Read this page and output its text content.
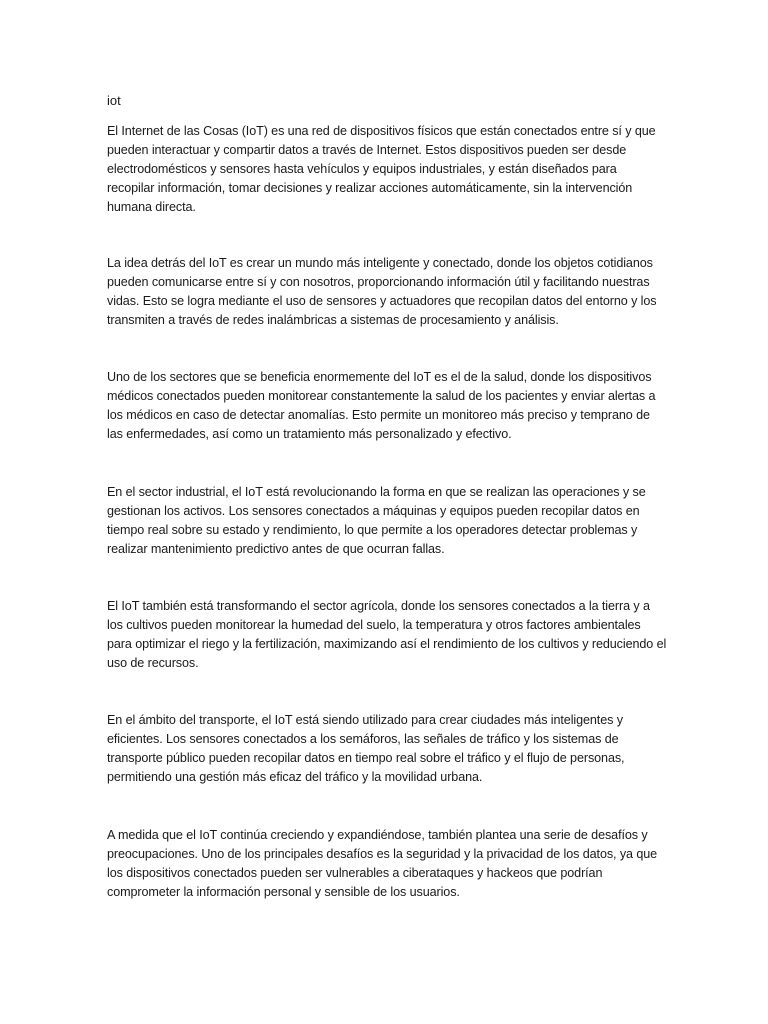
iot

El Internet de las Cosas (IoT) es una red de dispositivos físicos que están conectados entre sí y que pueden interactuar y compartir datos a través de Internet. Estos dispositivos pueden ser desde electrodomésticos y sensores hasta vehículos y equipos industriales, y están diseñados para recopilar información, tomar decisiones y realizar acciones automáticamente, sin la intervención humana directa.

La idea detrás del IoT es crear un mundo más inteligente y conectado, donde los objetos cotidianos pueden comunicarse entre sí y con nosotros, proporcionando información útil y facilitando nuestras vidas. Esto se logra mediante el uso de sensores y actuadores que recopilan datos del entorno y los transmiten a través de redes inalámbricas a sistemas de procesamiento y análisis.

Uno de los sectores que se beneficia enormemente del IoT es el de la salud, donde los dispositivos médicos conectados pueden monitorear constantemente la salud de los pacientes y enviar alertas a los médicos en caso de detectar anomalías. Esto permite un monitoreo más preciso y temprano de las enfermedades, así como un tratamiento más personalizado y efectivo.

En el sector industrial, el IoT está revolucionando la forma en que se realizan las operaciones y se gestionan los activos. Los sensores conectados a máquinas y equipos pueden recopilar datos en tiempo real sobre su estado y rendimiento, lo que permite a los operadores detectar problemas y realizar mantenimiento predictivo antes de que ocurran fallas.

El IoT también está transformando el sector agrícola, donde los sensores conectados a la tierra y a los cultivos pueden monitorear la humedad del suelo, la temperatura y otros factores ambientales para optimizar el riego y la fertilización, maximizando así el rendimiento de los cultivos y reduciendo el uso de recursos.

En el ámbito del transporte, el IoT está siendo utilizado para crear ciudades más inteligentes y eficientes. Los sensores conectados a los semáforos, las señales de tráfico y los sistemas de transporte público pueden recopilar datos en tiempo real sobre el tráfico y el flujo de personas, permitiendo una gestión más eficaz del tráfico y la movilidad urbana.

A medida que el IoT continúa creciendo y expandiéndose, también plantea una serie de desafíos y preocupaciones. Uno de los principales desafíos es la seguridad y la privacidad de los datos, ya que los dispositivos conectados pueden ser vulnerables a ciberataques y hackeos que podrían comprometer la información personal y sensible de los usuarios.
